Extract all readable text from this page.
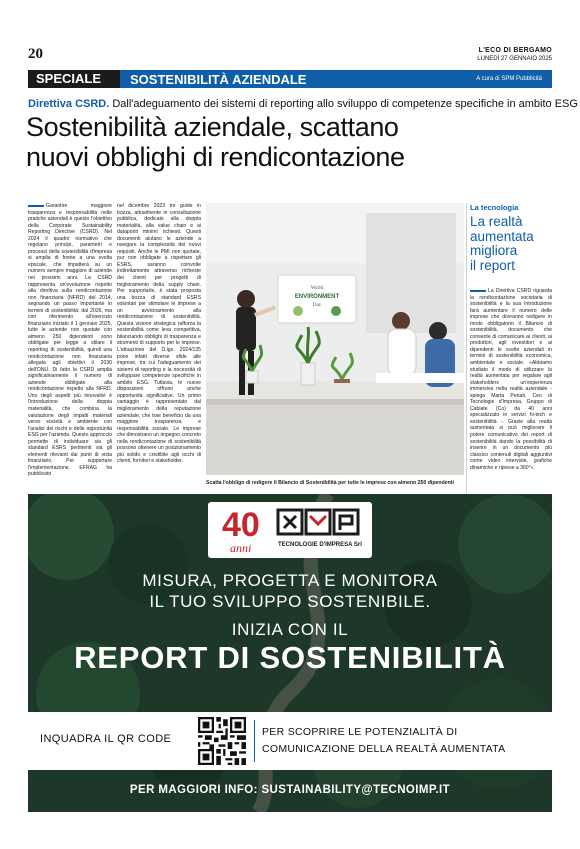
20	L'ECO DI BERGAMO
LUNEDÌ 27 GENNAIO 2025
SPECIALE	SOSTENIBILITÀ AZIENDALE	A cura di SPM Pubblicità
Direttiva CSRD. Dall'adeguamento dei sistemi di reporting allo sviluppo di competenze specifiche in ambito ESG
Sostenibilità aziendale, scattano
nuovi obblighi di rendicontazione
Garantire maggiore trasparenza e responsabilità nelle pratiche aziendali è questo l'obiettivo della Corporate Sustainability Reporting Directive (CSRD). Nel 2024 il quadro normativo che regolano principi, parametri e processi della sostenibilità d'impresa si amplia di fronte a una svolta epocale, che impatterà su un numero sempre maggiore di aziende nei prossimi anni. La CSRD rappresenta un'evoluzione rispetto alla direttiva sulla rendicontazione non finanziaria (NFRD) del 2014, segnando un passo importante in termini di sostenibilità: dal 2026, ma con riferimento all'esercizio finanziario iniziato il 1 gennaio 2025, tutte le aziende non quotate con almeno 250 dipendenti sono obbligate per legge a stilare il reporting di sostenibilità, quindi una rendicontazione non finanziaria allegata agli obiettivi il 2030 dell'ONU. Di fatto la CSRD amplia significativamente il numero di aziende obbligate alla rendicontazione rispetto alla NFRD. Uno degli aspetti più innovativi è l'introduzione della doppia materialità, che combina la valutazione degli impatti materiali verso società e ambiente con l'analisi dei rischi e delle opportunità ESG per l'azienda. Questo approccio permette di individuare sia gli standard ESRS pertinenti sia gli elementi rilevanti dai punti di vista finanziario. Per supportare l'implementazione, EFRAG ha pubblicato
nel dicembre 2023 tre guide in bozza, attualmente in consultazione pubblica, dedicate alla doppia materialità, alla value chain e ai datapoint minimi richiesti. Questi documenti aiutano le aziende a navigare la complessità dei nuovi requisiti. Anche le PMI non quotate, pur non obbligate a rispettare gli ESRS, saranno coinvolte indirettamente attraverso richieste dei clienti per progetti di miglioramento della supply chain. Per supportarle, è stata proposta una bozza di standard ESRS volontari per stimolare le imprese a un avvicinamento alla rendicontazione di sostenibilità. Questa visione strategica rafforza la sostenibilità come leva competitiva, bilanciando obblighi di trasparenza e strumenti di supporto per le imprese. L'attuazione del D.lgs. 2024/125 pone infatti diverse sfide alle imprese, tra cui l'adeguamento dei sistemi di reporting e la necessità di sviluppare competenze specifiche in ambito ESG. Tuttavia, le nuove disposizioni offrono anche opportunità significative. Un primo vantaggio è rappresentato dal miglioramento della reputazione aziendale, che trae beneficio da una maggiore trasparenza e responsabilità sociale. Le imprese che dimostrano un impegno concreto nella rendicontazione di sostenibilità possono ottenere un posizionamento più solido e credibile agli occhi di clienti, fornitori e stakeholder.
World
ENVIRONMENT
Day
Scatta l'obbligo di redigere il Bilancio di Sostenibilità per tutte le imprese con almeno 250 dipendenti
La tecnologia
La realtà
aumentata
migliora
il report
La Direttiva CSRD riguarda la rendicontazione societaria di sostenibilità e la sua introduzione farà aumentare il numero delle imprese che dovranno redigere in modo obbligatorio il Bilancio di sostenibilità, documento che consente di comunicare ai clienti, ai produttori, agli investitori e ai dipendenti le scelte aziendali in termini di sostenibilità economica, ambientale e sociale. «Abbiamo studiato il modo di utilizzare la realtà aumentata per regalare agli stakeholders un'esperienza immersiva nella realtà aziendale - spiega Marta Penati, Ceo di Tecnologie d'Impresa, Gruppo di Cabiate (Co) da 40 anni specializzato in servizi hi-tech e sostenibilità -. Grazie alla realtà aumentata si può migliorare il potere comunicativo dei report di sostenibilità dando la possibilità di inserire in un documento più classico contenuti digitali aggiuntivi come video interviste, grafiche dinamiche e riprese a 360°».
40
anni	TECNOLOGIE D'IMPRESA Srl
MISURA, PROGETTA E MONITORA
IL TUO SVILUPPO SOSTENIBILE.
INIZIA CON IL
REPORT DI SOSTENIBILITÀ
INQUADRA IL QR CODE
PER SCOPRIRE LE POTENZIALITÀ DI
COMUNICAZIONE DELLA REALTÀ AUMENTATA
PER MAGGIORI INFO: SUSTAINABILITY@TECNOIMP.IT
